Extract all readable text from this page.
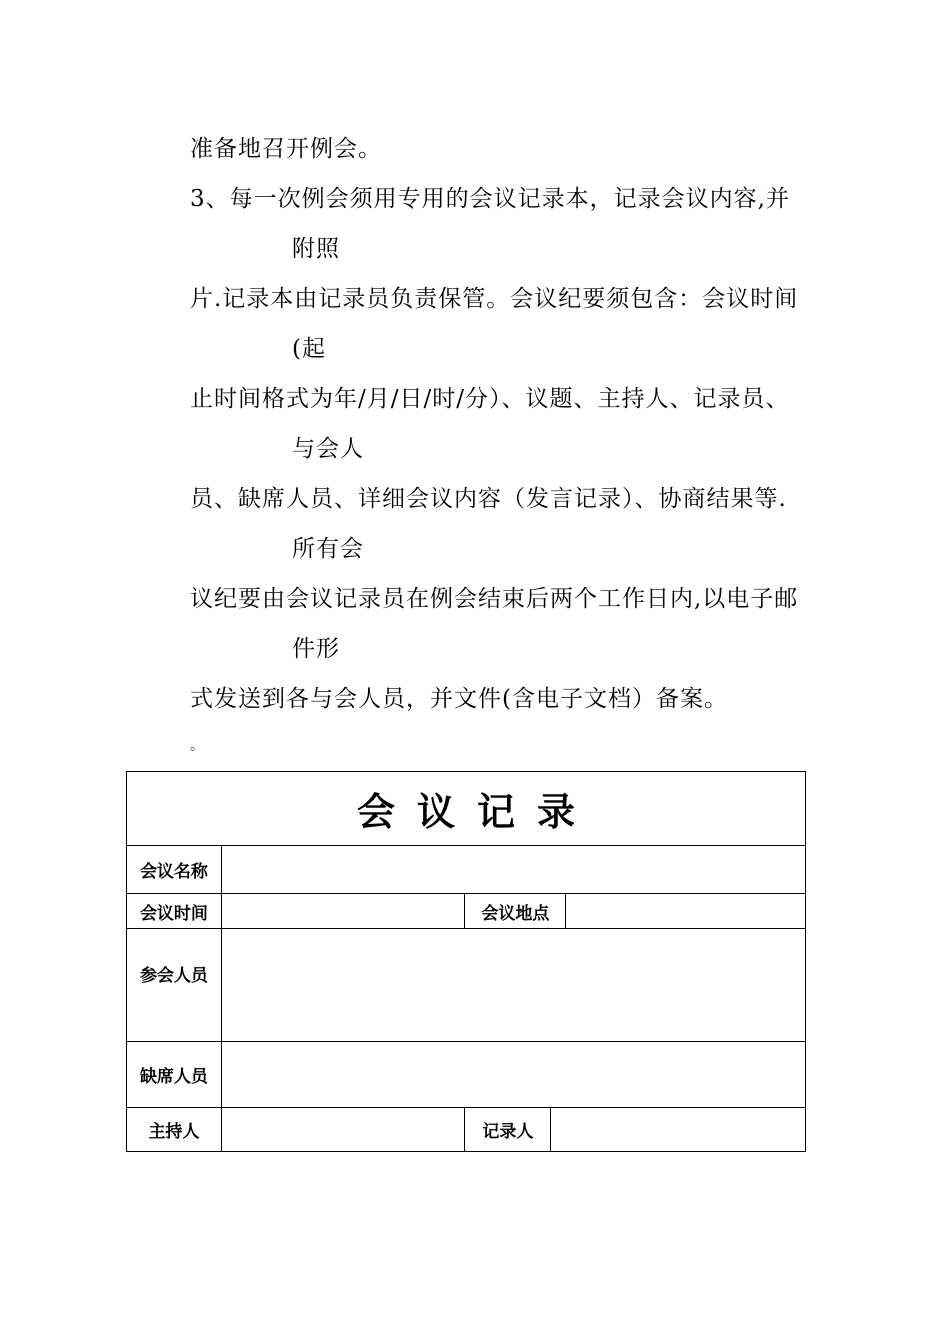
准备地召开例会。
3、每一次例会须用专用的会议记录本，记录会议内容,并
附照
片.记录本由记录员负责保管。会议纪要须包含：会议时间
(起
止时间格式为年/月/日/时/分）、议题、主持人、记录员、
与会人
员、缺席人员、详细会议内容（发言记录）、协商结果等.
所有会
议纪要由会议记录员在例会结束后两个工作日内,以电子邮
件形
式发送到各与会人员，并文件(含电子文档）备案。
。
会议记录				
会议名称				
会议时间		会议地点		
参会人员				
缺席人员				
主持人		记录人		
